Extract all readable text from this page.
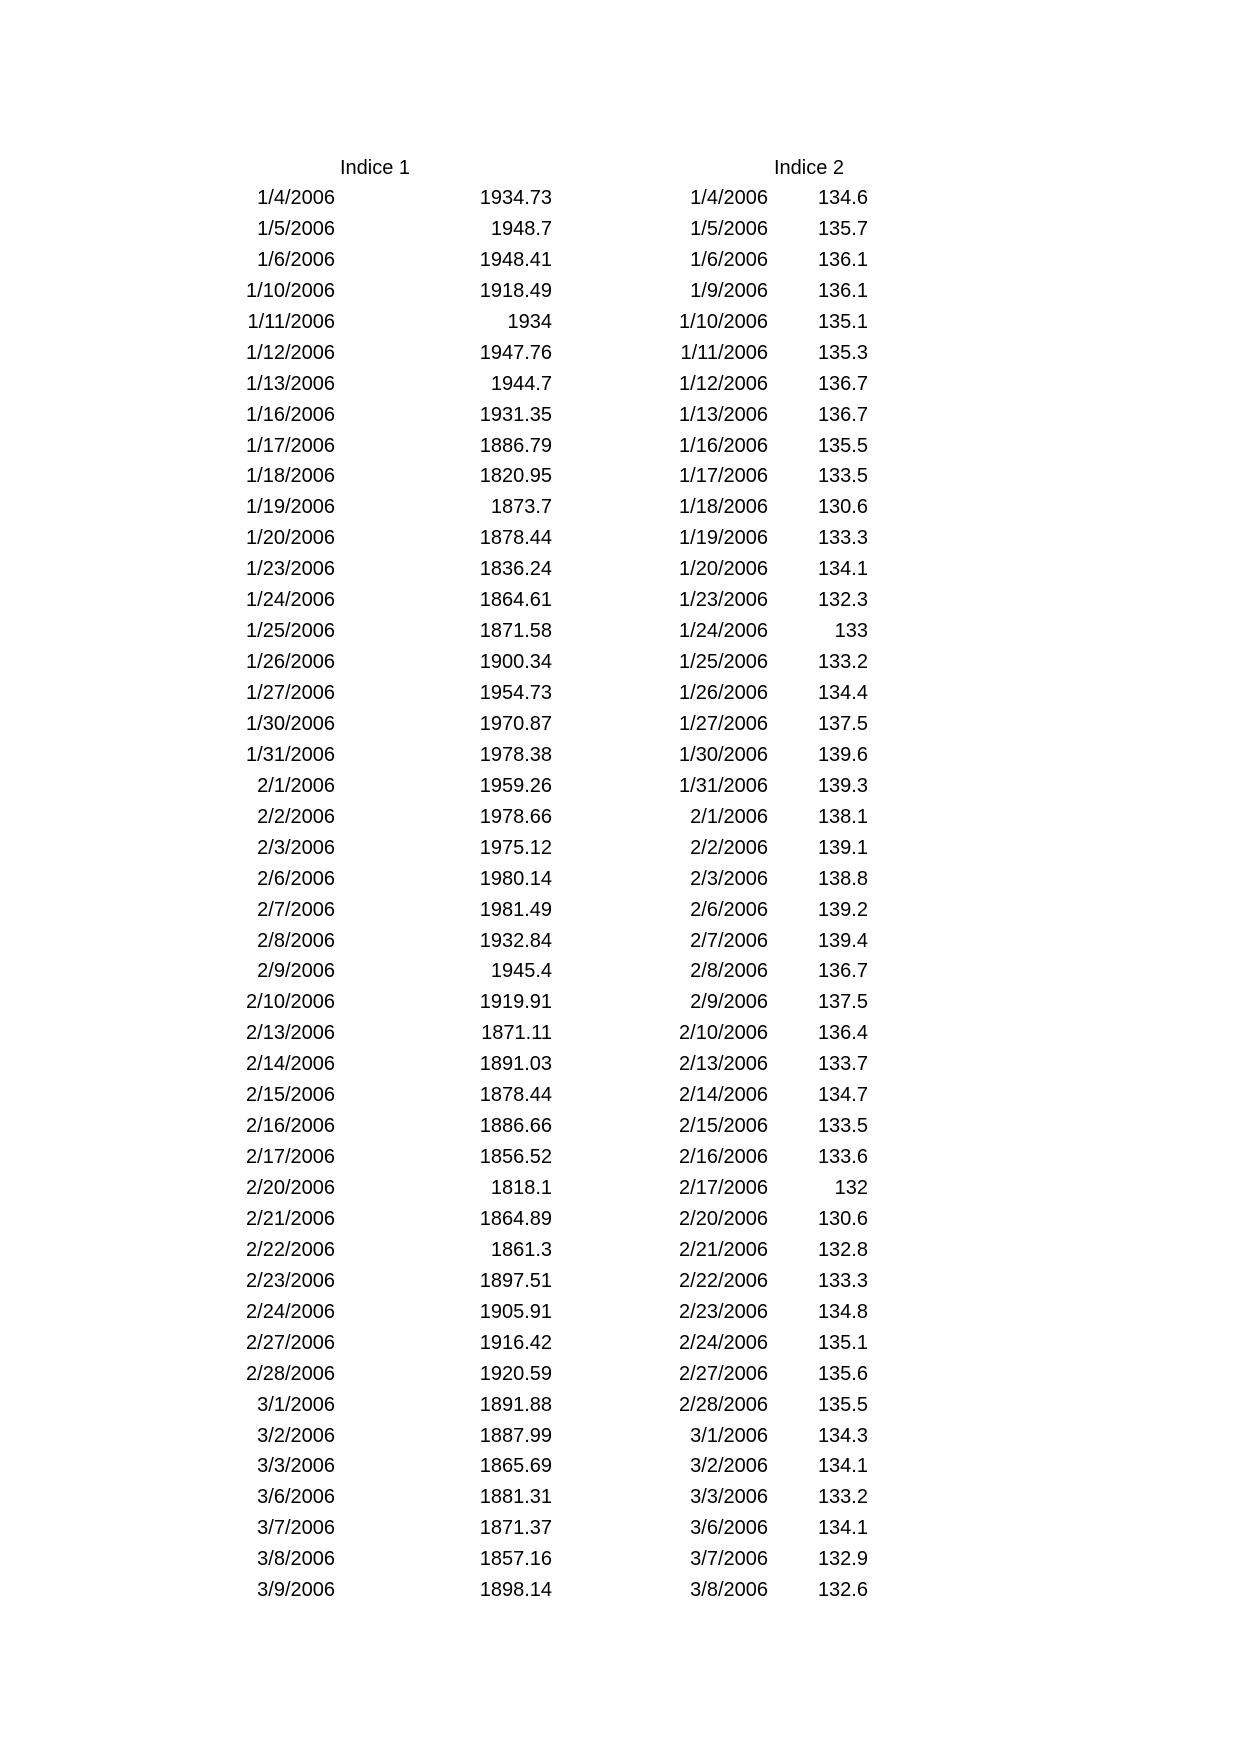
Indice 1	Indice 2
1/4/2006	1934.73	1/4/2006	134.6
1/5/2006	1948.7	1/5/2006	135.7
1/6/2006	1948.41	1/6/2006	136.1
1/10/2006	1918.49	1/9/2006	136.1
1/11/2006	1934	1/10/2006	135.1
1/12/2006	1947.76	1/11/2006	135.3
1/13/2006	1944.7	1/12/2006	136.7
1/16/2006	1931.35	1/13/2006	136.7
1/17/2006	1886.79	1/16/2006	135.5
1/18/2006	1820.95	1/17/2006	133.5
1/19/2006	1873.7	1/18/2006	130.6
1/20/2006	1878.44	1/19/2006	133.3
1/23/2006	1836.24	1/20/2006	134.1
1/24/2006	1864.61	1/23/2006	132.3
1/25/2006	1871.58	1/24/2006	133
1/26/2006	1900.34	1/25/2006	133.2
1/27/2006	1954.73	1/26/2006	134.4
1/30/2006	1970.87	1/27/2006	137.5
1/31/2006	1978.38	1/30/2006	139.6
2/1/2006	1959.26	1/31/2006	139.3
2/2/2006	1978.66	2/1/2006	138.1
2/3/2006	1975.12	2/2/2006	139.1
2/6/2006	1980.14	2/3/2006	138.8
2/7/2006	1981.49	2/6/2006	139.2
2/8/2006	1932.84	2/7/2006	139.4
2/9/2006	1945.4	2/8/2006	136.7
2/10/2006	1919.91	2/9/2006	137.5
2/13/2006	1871.11	2/10/2006	136.4
2/14/2006	1891.03	2/13/2006	133.7
2/15/2006	1878.44	2/14/2006	134.7
2/16/2006	1886.66	2/15/2006	133.5
2/17/2006	1856.52	2/16/2006	133.6
2/20/2006	1818.1	2/17/2006	132
2/21/2006	1864.89	2/20/2006	130.6
2/22/2006	1861.3	2/21/2006	132.8
2/23/2006	1897.51	2/22/2006	133.3
2/24/2006	1905.91	2/23/2006	134.8
2/27/2006	1916.42	2/24/2006	135.1
2/28/2006	1920.59	2/27/2006	135.6
3/1/2006	1891.88	2/28/2006	135.5
3/2/2006	1887.99	3/1/2006	134.3
3/3/2006	1865.69	3/2/2006	134.1
3/6/2006	1881.31	3/3/2006	133.2
3/7/2006	1871.37	3/6/2006	134.1
3/8/2006	1857.16	3/7/2006	132.9
3/9/2006	1898.14	3/8/2006	132.6
